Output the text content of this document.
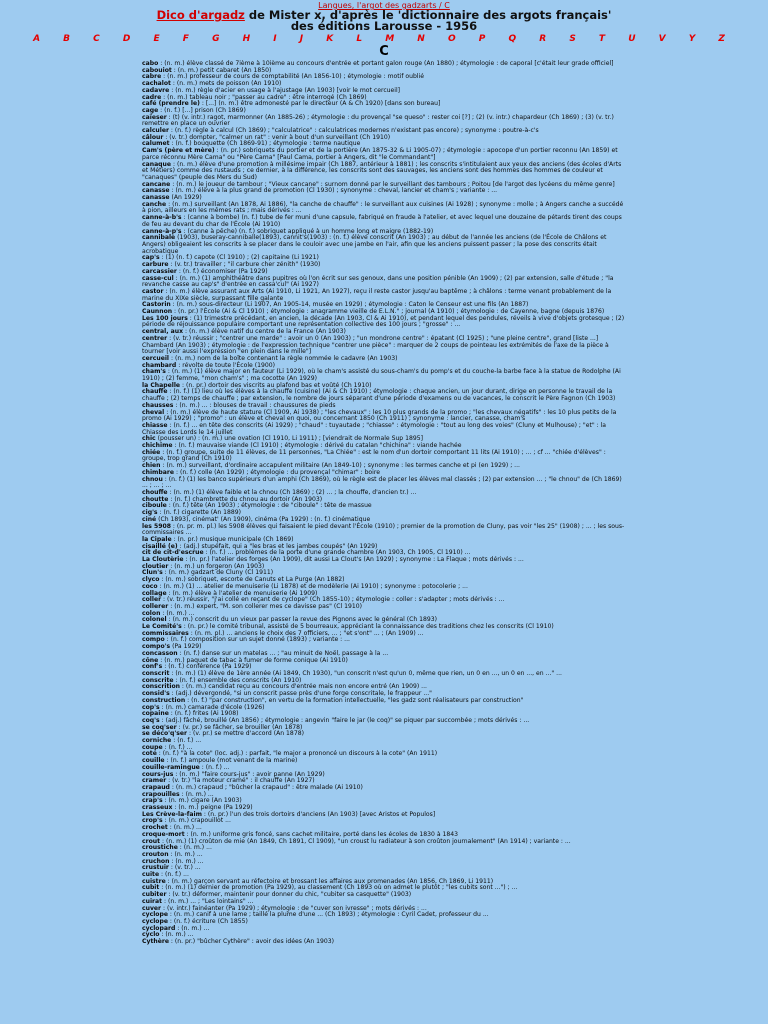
Langues, l'argot des gadzarts / C
Dico d'argadz de Mister x, d'après le 'dictionnaire des argots français' des éditions Larousse - 1956
A B C D E F G H I J K L M N O P Q R S T U V Y Z
C
cabo : (n. m.) élève classé de 7ième à 10ième au concours d'entrée et portant galon rouge (An 1880) ; étymologie : de caporal [c'était leur grade officiel]
cabouiot : (n. m.) petit cabaret (An 1850)
cabre : (n. m.) professeur de cours de comptabilité (An 1856-10) ; étymologie : motif oublié
cachalot : (n. m.) mets de poisson (An 1910)
cadavre : (n. m.) règle d'acier en usage à l'ajustage (An 1903) [voir le mot cercueil]
cadre : (n. m.) tableau noir ; "passer au cadre" : être interrogé (Ch 1869)
café (prendre le) : [...] (n. m.) être admonesté par le directeur (A & Ch 1920) [dans son bureau]
cage : (n. f.) [...] prison (Ch 1869)
caïeser : (t) (v. intr.) ragot, marmonner (An 1885-26) ; étymologie : du provençal "se queso" : rester coi [?] ; (2) (v. intr.) chapardeur (Ch 1869) ; (3) (v. tr.) remettre en place un ouvrier
calculer : (n. f.) règle à calcul (Ch 1869) ; "calculatrice" : calculatrices modernes n'existant pas encore) ; synonyme : poutre-à-c's
câlour : (v. tr.) dompter, "calmer un rat" : venir à bout d'un surveillant (Ch 1910)
calumet : (n. f.) bouquette (Ch 1869-91) ; étymologie : terme nautique
Cam's (père et mère) : (n. pr.) sobriquets du portier et de la portière (An 1875-32 & Li 1905-07) ; étymologie : apocope d'un portier reconnu (An 1859) et parce réconnu Mère Cama" ou "Père Cama" [Paul Cama, portier à Angers, dit "le Commandant"]
canaque : (n. m.) élève d'une promotion à millésime impair (Ch 1887, antérieur à 1881) ; les conscrits s'intitulaient aux yeux des anciens (des écoles d'Arts et Métiers) comme des rustauds ; ce dernier, à la différence, les conscrits sont des sauvages, les anciens sont des hommes des hommes de couleur et "canaques" (peuple des Mers du Sud)
cancane : (n. m.) le joueur de tambour ; "Vieux cancane" : surnom donné par le surveillant des tambours ; Poitou [de l'argot des lycéens du même genre]
canasse : (n. m.) élève à la plus grand de promotion (Cl 1930) ; synonyme : cheval, lancier et cham's ; variante : ...
canasse (An 1929)
canche : (n. m.) surveillant (An 1878, Ai 1886), "la canche de chauffe" : le surveillant aux cuisines (Ai 1928) ; synonyme : molle ; à Angers canche a succédé à pion, ailleurs en les mêmes rats ; mais dérivés : ...
canne-à-b's : (canne à bombe) (n. f.) tube de fer muni d'une capsule, fabriqué en fraude à l'atelier, et avec lequel une douzaine de pétards tirent des coups de feu au devant du char de l'École (Ai 1910)
canne-à-p's : (canne à pêche) (n. f.) sobriquet appliqué à un homme long et maigre (1882-19)
cannibale (1903), buseray-canniballe(1893), cannit's(1903) : (n. f.) élève conscrit (An 1903) ; au début de l'année les anciens (de l'École de Châlons et Angers) obligeaient les conscrits à se placer dans le couloir avec une jambe en l'air, afin que les anciens puissent passer ; la pose des conscrits était acrobatique
cap's : (1) (n. f.) capote (Cl 1910) ; (2) capitaine (Li 1921)
carbure : (v. tr.) travailler ; "il carbure cher zénith" (1930)
carcassier : (n. f.) économiser (Pa 1929)
casse-cul : (n. m.) (1) amphithéâtre dans pupitres où l'on écrit sur ses genoux, dans une position pénible (An 1909) ; (2) par extension, salle d'étude ; "la revanche casse au cap's" d'entrée en cassa'cul" (Ai 1927)
castor : (n. m.) élève assurant aux Arts (Ai 1910, Li 1921, An 1927), reçu il reste castor jusqu'au baptême ; à châlons : terme venant probablement de la marine du XIXe siècle, surpassant fille galante
Castorin : (n. m.) sous-directeur (Li 1907, An 1905-14, musée en 1929) ; étymologie : Caton le Censeur est une fils (An 1887)
Caunnon : (n. pr.) l'École (Ai & Cl 1910) ; étymologie : anagramme vieille de E.L.N." ; journal (A 1910) ; étymologie : de Cayenne, bagne (depuis 1876)
Les 100 jours : (1) trimestre précédant, en ancien, la décade (An 1903, Cl & Ai 1910), et pendant lequel des pendules, réveils à vive d'objets grotesque ; (2) période de réjouissance populaire comportant une représentation collective des 100 jours ; "grosse" : ...
central, aux : (n. m.) élève natif du centre de la France (An 1903)
centrer : (v. tr.) réussir ; "centrer une marde" : avoir un 0 (An 1903) ; "un mondrone centre" : épatant (Cl 1925) ; "une pleine centre", grand [liste ...] Chambard (An 1903) ; étymologie : de l'expression technique "centrer une pièce" : marquer de 2 coups de pointeau les extrémités de l'axe de la pièce à tourner [voir aussi l'expression "en plein dans le mille"]
cercueil : (n. m.) nom de la boîte contenant la règle nommée le cadavre (An 1903)
chambard : révolte de toute l'École (1900)
cham's : (n. m.) (1) élève major en fauteur (Li 1929), où le cham's assisté du sous-cham's du pomp's et du couche-la barbe face à la statue de Rodolphe (Ai 1910) ; (2) femme, "mon cham's" ; ma cocotte (An 1929)
la Chapelle : (n. pr.) dortoir des viscrits au plafond bas et voûté (Ch 1910)
chauffe : (n. f.) (1) lieu où les élèves à la chauffe (cuisine) (Ai & Ch 1910) ; étymologie : chaque ancien, un jour durant, dirige en personne le travail de la chauffe ; (2) temps de chauffe ; par extension, le nombre de jours séparant d'une période d'examens ou de vacances, le conscrit le Père Fagnon (Ch 1903)
chausses : (n. m.) ... : blouses de travail : chaussures de pieds
cheval : (n. m.) élève de haute stature (Cl 1909, Ai 1938) ; "les chevaux" : les 10 plus grands de la promo ; "les chevaux négatifs" : les 10 plus petits de la promo (Ai 1929) ; "promo" : un élève et cheval en quoi, ou concernant 1850 (Ch 1911) ; synonyme : lancier, canasse, cham's
chiasse : (n. f.) ... en tête des conscrits (Ai 1929) ; "chaud" : tuyautade ; "chiasse" : étymologie : "tout au long des voies" (Cluny et Mulhouse) ; "et" : la Chiasse des Lords le 14 juillet
chic (pousser un) : (n. m.) une ovation (Cl 1910, Li 1911) ; [viendrait de Normale Sup 1895]
chichime : (n. f.) mauvaise viande (Cl 1910) ; étymologie : dérivé du catalan "chichina" : viande hachée
chiée : (n. f.) groupe, suite de 11 élèves, de 11 personnes, "La Chiée" : est le nom d'un dortoir comportant 11 lits (Ai 1910) ; ... ; cf ... "chiée d'élèves" : groupe, trop grand (Ch 1910)
chien : (n. m.) surveillant, d'ordinaire accapulent militaire (An 1849-10) ; synonyme : les termes canche et pi (en 1929) ; ...
chimbare : (n. f.) colle (An 1929) ; étymologie : du provençal "chimar" : boire
chnou : (n. f.) (1) les banco supérieurs d'un amphi (Ch 1869), où le règle est de placer les élèves mal classés ; (2) par extension ... ; "le chnou" de (Ch 1869) ... ; ... ; ...
chouffe : (n. m.) (1) élève faible et la chnou (Ch 1869) ; (2) ... ; la chouffe, d'ancien tr.) ...
choutte : (n. f.) chambrette du chnou au dortoir (An 1903)
ciboule : (n. f.) tête (An 1903) ; étymologie : de "ciboule" : tête de massue
cig's : (n. f.) cigarette (An 1889)
ciné (Ch 1893), cinémat' (An 1909), cinéma (Pa 1929) : (n. f.) cinématique
les 5908 : (n. pr. m. pl.) les 5908 élèves qui faisaient le pied devant l'École (1910) ; premier de la promotion de Cluny, pas voir "les 25" (1908) ; ... ; les sous-commissaires ...
la Cipale : (n. pr.) musique municipale (Ch 1869)
cisaillé (e) : (adj.) stupéfait, qui a "les bras et les jambes coupés" (An 1929)
cit de cit-d'escrue : (n. f.) ... problèmes de la porte d'une grande chambre (An 1903, Ch 1905, Cl 1910) ...
La Cloutèrie : (n. pr.) l'atelier des forges (An 1909), dit aussi La Clout's (An 1929) ; synonyme : La Flaque ; mots dérivés : ...
cloutier : (n. m.) un forgeron (An 1903)
Clun's : (n. m.) gadzart de Cluny (Cl 1911)
clyco : (n. m.) sobriquet, escorte de Canuts et La Purge (An 1882)
coco : (n. m.) (1) ... atelier de menuiserie (Li 1878) et de modèlerie (Ai 1910) ; synonyme : potocolerie ; ...
collage : (n. m.) élève à l'atelier de menuiserie (Ai 1909)
coller : (v. tr.) réussir, "j'ai collé en reçant de cyclope" (Ch 1855-10) ; étymologie : coller : s'adapter ; mots dérivés : ...
collerer : (n. m.) expert, "M. son collerer mes ce davisse pas" (Cl 1910)
colon : (n. m.) ...
colonel : (n. m.) conscrit du un vieux par passer la revue des Pignons avec le général (Ch 1893)
Le Comité's : (n. pr.) le comité tribunal, assisté de 5 bourreaux, appréciant la connaissance des traditions chez les conscrits (Cl 1910)
commissaires : (n. m. pl.) ... anciens le choix des 7 officiers, ... ; "et s'ont" ... ; (An 1909) ...
compo : (n. f.) composition sur un sujet donné (1893) ; variante : ...
compo's (Pa 1929)
concasson : (n. f.) danse sur un matelas ... ; "au minuit de Noël, passage à la ...
cône : (n. m.) paquet de tabac à fumer de forme conique (Ai 1910)
conf's : (n. f.) conférence (Pa 1929)
conscrit : (n. m.) (1) élève de 1ère année (Ai 1849, Ch 1930), "un conscrit n'est qu'un 0, même que rien, un 0 en ..., un 0 en ..., en ..." ...
conscrite : (n. f.) ensemble des conscrits (An 1910)
conscrition : (n. m.) candidat reçu au concours d'entrée mais non encore entré (An 1909) ...
consid's : (adj.) dévergondé, "si un conscrit passe près d'une forge conscritale, le frappeur ..."
construction : (n. f.) "par construction", en vertu de la formation intellectuelle, "les gadz sont réalisateurs par construction"
cop's : (n. m.) camarade d'école (1926)
copaine : (n. f.) frites (Ai 1908)
coq's : (adj.) fâché, brouillé (An 1856) ; étymologie : angevin "faire le jar (le coq)" se piquer par succombée ; mots dérivés : ...
se coq'ser : (v. pr.) se fâcher, se brouiller (An 1878)
se déco'q'ser : (v. pr.) se mettre d'accord (An 1878)
corniche : (n. f.) ...
coupe : (n. f.) ...
cote : (n. f.) "à la cote" (loc. adj.) : parfait, "le major a prononcé un discours à la cote" (An 1911)
couille : (n. f.) ampoule (mot venant de la marine)
couille-ramingue : (n. f.) ...
cours-jus : (n. m.) "faire cours-jus" : avoir panne (An 1929)
cramer : (v. tr.) "la moteur cramé" : il chauffe (An 1927)
crapaud : (n. m.) crapaud ; "bûcher la crapaud" : être malade (Ai 1910)
crapouilles : (n. m.) ...
crap's : (n. m.) cigare (An 1903)
crasseux : (n. m.) peigne (Pa 1929)
Les Crève-la-faim : (n. pr.) l'un des trois dortoirs d'anciens (An 1903) [avec Aristos et Populos]
crop's : (n. m.) crapouillot ...
crochet : (n. m.) ...
croque-mort : (n. m.) uniforme gris foncé, sans cachet militaire, porté dans les écoles de 1830 à 1843
crout : (n. m.) (1) croûton de mie (An 1849, Ch 1891, Cl 1909), "un croust lu radiateur à son croûton journalement" (An 1914) ; variante : ...
croustiche : (n. m.) ...
crouton : (n. m.) ...
cruchon : (n. m.) ...
crustuir : (v. tr.) ...
cuite : (n. f.) ...
cuistre : (n. m.) garçon servant au réfectoire et brossant les affaires aux promenades (An 1856, Ch 1869, Li 1911)
cubit : (n. m.) (1) dernier de promotion (Pa 1929), au classement (Ch 1893 où on admet le plutôt ; "les cubits sont ...") ; ...
cubiter : (v. tr.) déformer, maintenir pour donner du chic, "cubiter sa casquette" (1903)
cuirat : (n. m.) ... ; "Les lointains" ...
cuver : (v. intr.) fainéanter (Pa 1929) ; étymologie : de "cuver son ivresse" ; mots dérivés : ...
cyclope : (n. m.) canif à une lame ; taillé la plume d'une ... (Ch 1893) ; étymologie : Cyril Cadet, professeur du ...
cyclope : (n. f.) écriture (Ch 1855)
cyclopard : (n. m.) ...
cyclo : (n. m.) ...
Cythère : (n. pr.) "bûcher Cythère" : avoir des idées (An 1903)
